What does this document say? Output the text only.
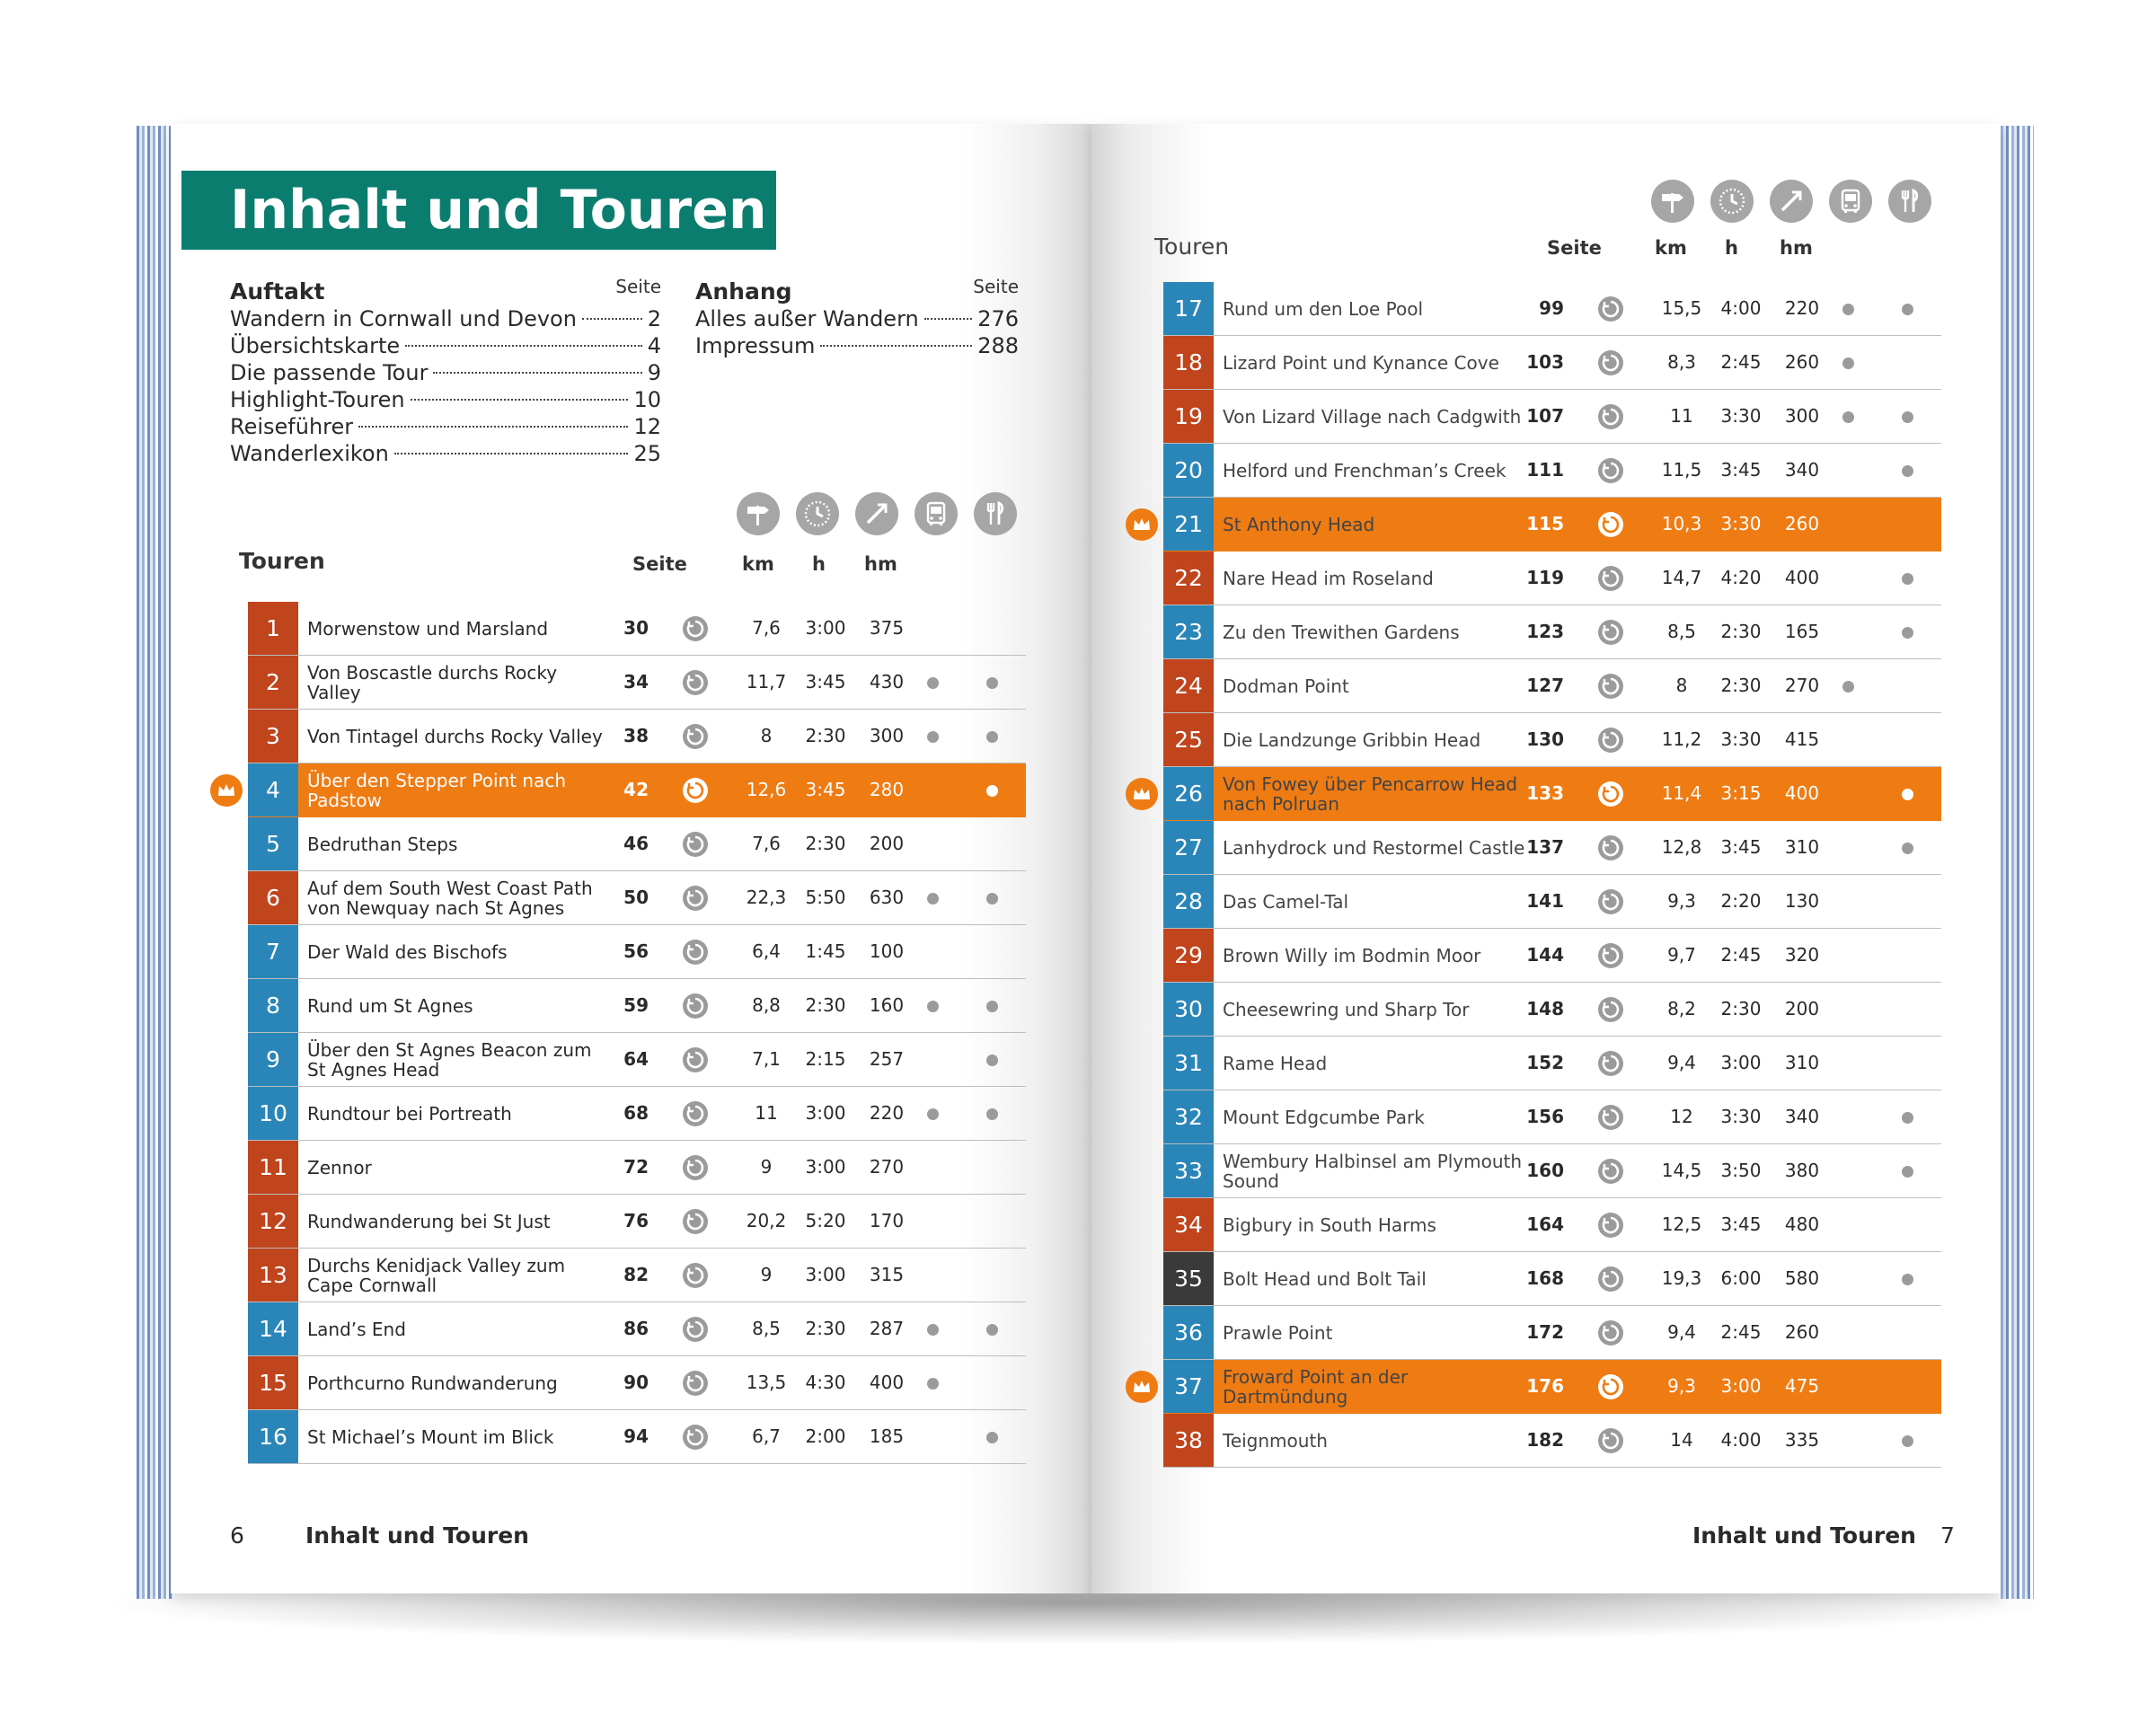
Inhalt und Touren
Auftakt	Seite
Wandern in Cornwall und Devon	2
Übersichtskarte	4
Die passende Tour	9
Highlight-Touren	10
Reiseführer	12
Wanderlexikon	25
Anhang	Seite
Alles außer Wandern	276
Impressum	288
Touren	Seite	km h hm
1	Morwenstow und Marsland	30	7,6	3:00	375
2	Von Boscastle durchs Rocky Valley	34	11,7	3:45	430
3	Von Tintagel durchs Rocky Valley	38	8	2:30	300
4	Über den Stepper Point nach Padstow	42	12,6	3:45	280
5	Bedruthan Steps	46	7,6	2:30	200
6	Auf dem South West Coast Path von Newquay nach St Agnes	50	22,3	5:50	630
7	Der Wald des Bischofs	56	6,4	1:45	100
8	Rund um St Agnes	59	8,8	2:30	160
9	Über den St Agnes Beacon zum St Agnes Head	64	7,1	2:15	257
10	Rundtour bei Portreath	68	11	3:00	220
11	Zennor	72	9	3:00	270
12	Rundwanderung bei St Just	76	20,2	5:20	170
13	Durchs Kenidjack Valley zum Cape Cornwall	82	9	3:00	315
14	Land’s End	86	8,5	2:30	287
15	Porthcurno Rundwanderung	90	13,5	4:30	400
16	St Michael’s Mount im Blick	94	6,7	2:00	185
6	Inhalt und Touren
Touren	Seite	km h hm
17	Rund um den Loe Pool	99	15,5	4:00	220
18	Lizard Point und Kynance Cove	103	8,3	2:45	260
19	Von Lizard Village nach Cadgwith 107	11	3:30	300
20	Helford und Frenchman’s Creek	111	11,5	3:45	340
21	St Anthony Head	115	10,3	3:30	260
22	Nare Head im Roseland	119	14,7	4:20	400
23	Zu den Trewithen Gardens	123	8,5	2:30	165
24	Dodman Point	127	8	2:30	270
25	Die Landzunge Gribbin Head	130	11,2	3:30	415
26	Von Fowey über Pencarrow Head nach Polruan	133	11,4	3:15	400
27	Lanhydrock und Restormel Castle 137	12,8	3:45	310
28	Das Camel-Tal	141	9,3	2:20	130
29	Brown Willy im Bodmin Moor	144	9,7	2:45	320
30	Cheesewring und Sharp Tor	148	8,2	2:30	200
31	Rame Head	152	9,4	3:00	310
32	Mount Edgcumbe Park	156	12	3:30	340
33	Wembury Halbinsel am Plymouth Sound	160	14,5	3:50	380
34	Bigbury in South Harms	164	12,5	3:45	480
35	Bolt Head und Bolt Tail	168	19,3	6:00	580
36	Prawle Point	172	9,4	2:45	260
37	Froward Point an der Dartmündung	176	9,3	3:00	475
38	Teignmouth	182	14	4:00	335
Inhalt und Touren 7
